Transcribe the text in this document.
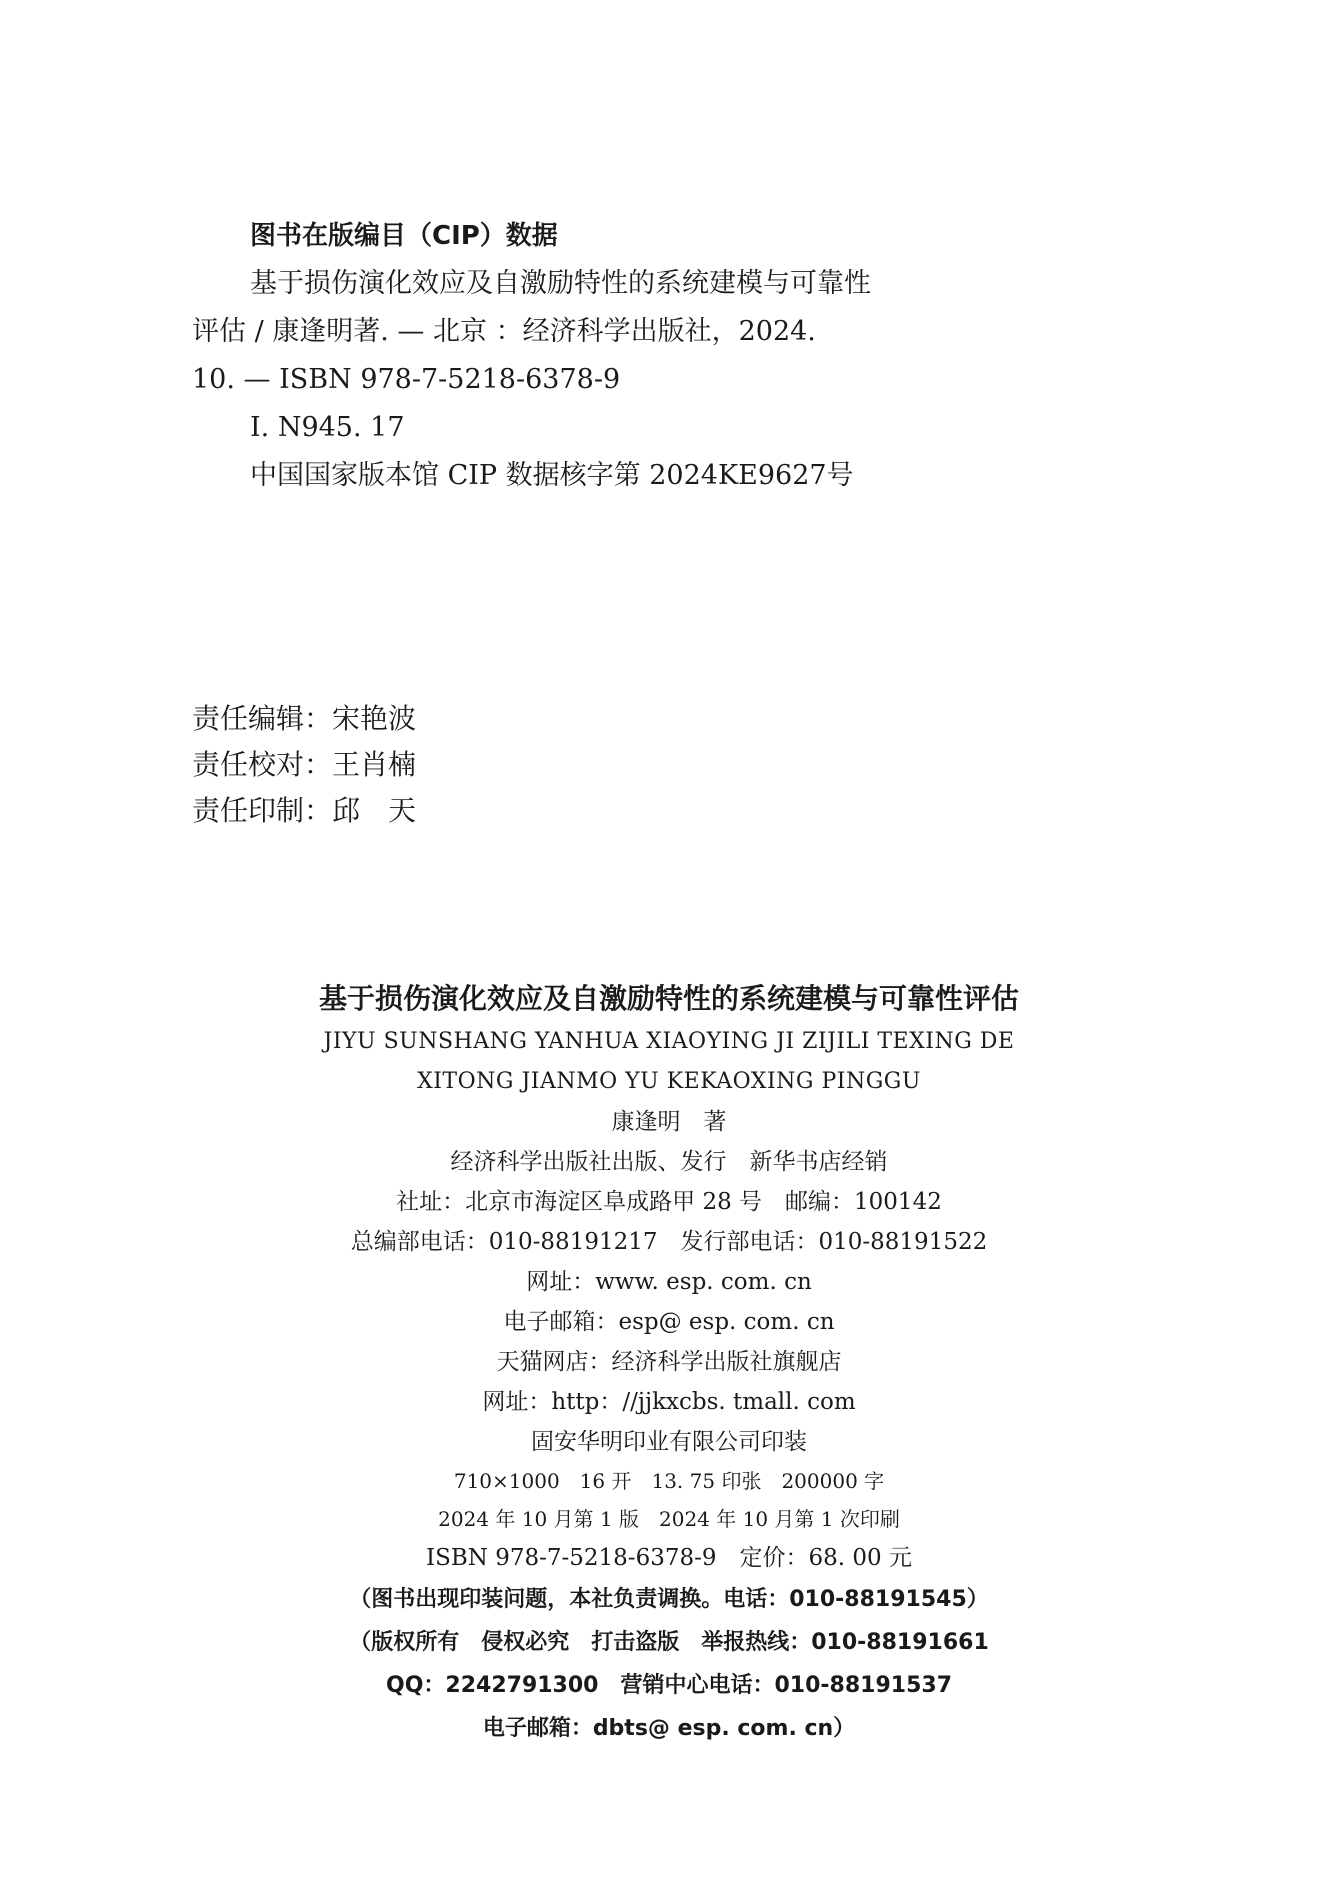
图书在版编目（CIP）数据
基于损伤演化效应及自激励特性的系统建模与可靠性
评估 / 康逢明著. — 北京 ：经济科学出版社，2024.
10. — ISBN 978-7-5218-6378-9
Ⅰ. N945. 17
中国国家版本馆 CIP 数据核字第 2024KE9627号
责任编辑：宋艳波
责任校对：王肖楠
责任印制：邱　天
基于损伤演化效应及自激励特性的系统建模与可靠性评估
JIYU SUNSHANG YANHUA XIAOYING JI ZIJILI TEXING DE
XITONG JIANMO YU KEKAOXING PINGGU
康逢明　著
经济科学出版社出版、发行　新华书店经销
社址：北京市海淀区阜成路甲 28 号　邮编：100142
总编部电话：010-88191217　发行部电话：010-88191522
网址：www. esp. com. cn
电子邮箱：esp@ esp. com. cn
天猫网店：经济科学出版社旗舰店
网址：http：//jjkxcbs. tmall. com
固安华明印业有限公司印装
710×1000　16 开　13. 75 印张　200000 字
2024 年 10 月第 1 版　2024 年 10 月第 1 次印刷
ISBN 978-7-5218-6378-9　定价：68. 00 元
（图书出现印装问题，本社负责调换。电话：010-88191545）
（版权所有　侵权必究　打击盗版　举报热线：010-88191661
QQ：2242791300　营销中心电话：010-88191537
电子邮箱：dbts@ esp. com. cn）
